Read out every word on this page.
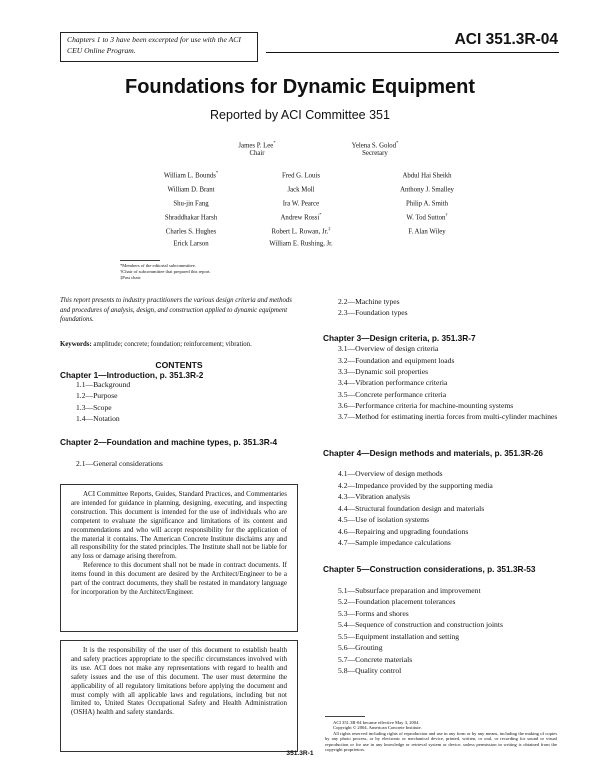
Chapters 1 to 3 have been excerpted for use with the ACI CEU Online Program.
ACI 351.3R-04
Foundations for Dynamic Equipment
Reported by ACI Committee 351
James P. Lee*
Chair
Yelena S. Golod*
Secretary
William L. Bounds*	Fred G. Louis	Abdul Hai Sheikh
William D. Brant	Jack Moll	Anthony J. Smalley
Shu-jin Fang	Ira W. Pearce	Philip A. Smith
Shraddhakar Harsh	Andrew Rossi*	W. Tod Sutton†
Charles S. Hughes	Robert L. Rowan, Jr.‡	F. Alan Wiley
Erick Larson	William E. Rushing, Jr.
*Members of the editorial subcommittee.
†Chair of subcommittee that prepared this report.
‡Past chair.
This report presents to industry practitioners the various design criteria and methods and procedures of analysis, design, and construction applied to dynamic equipment foundations.
Keywords: amplitude; concrete; foundation; reinforcement; vibration.
CONTENTS
Chapter 1—Introduction, p. 351.3R-2
1.1—Background
1.2—Purpose
1.3—Scope
1.4—Notation
Chapter 2—Foundation and machine types, p. 351.3R-4
2.1—General considerations

ACI Committee Reports, Guides, Standard Practices, and Commentaries are intended for guidance in planning, designing, executing, and inspecting construction. This document is intended for the use of individuals who are competent to evaluate the significance and limitations of its content and recommendations and who will accept responsibility for the application of the material it contains. The American Concrete Institute disclaims any and all responsibility for the stated principles. The Institute shall not be liable for any loss or damage arising therefrom.

Reference to this document shall not be made in contract documents. If items found in this document are desired by the Architect/Engineer to be a part of the contract documents, they shall be restated in mandatory language for incorporation by the Architect/Engineer.

It is the responsibility of the user of this document to establish health and safety practices appropriate to the specific circumstances involved with its use. ACI does not make any representations with regard to health and safety issues and the use of this document. The user must determine the applicability of all regulatory limitations before applying the document and must comply with all applicable laws and regulations, including but not limited to, United States Occupational Safety and Health Administration (OSHA) health and safety standards.

2.2—Machine types
2.3—Foundation types
Chapter 3—Design criteria, p. 351.3R-7
3.1—Overview of design criteria
3.2—Foundation and equipment loads
3.3—Dynamic soil properties
3.4—Vibration performance criteria
3.5—Concrete performance criteria
3.6—Performance criteria for machine-mounting systems
3.7—Method for estimating inertia forces from multi-cylinder machines
Chapter 4—Design methods and materials, p. 351.3R-26
4.1—Overview of design methods
4.2—Impedance provided by the supporting media
4.3—Vibration analysis
4.4—Structural foundation design and materials
4.5—Use of isolation systems
4.6—Repairing and upgrading foundations
4.7—Sample impedance calculations
Chapter 5—Construction considerations, p. 351.3R-53
5.1—Subsurface preparation and improvement
5.2—Foundation placement tolerances
5.3—Forms and shores
5.4—Sequence of construction and construction joints
5.5—Equipment installation and setting
5.6—Grouting
5.7—Concrete materials
5.8—Quality control
ACI 351.3R-04 became effective May 3, 2004.
Copyright © 2004, American Concrete Institute.
All rights reserved including rights of reproduction and use in any form or by any means, including the making of copies by any photo process, or by electronic or mechanical device, printed, written, or oral, or recording for sound or visual reproduction or for use in any knowledge or retrieval system or device, unless permission in writing is obtained from the copyright proprietors.
351.3R-1
